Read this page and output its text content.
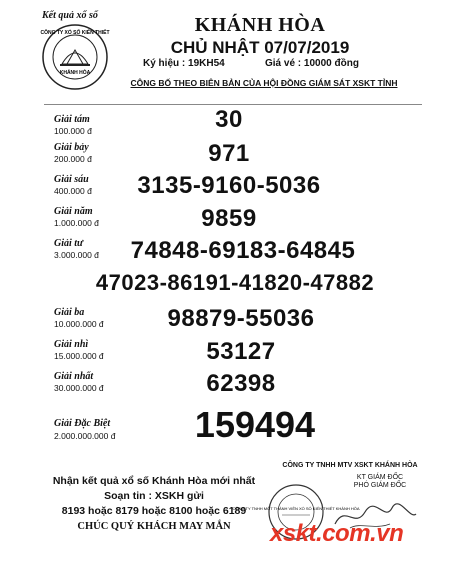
Kết quả xổ số
CÔNG TY XỔ SỐ KIẾN THIẾT
KHÁNH HÒA
KHÁNH HÒA
CHỦ NHẬT 07/07/2019
Ký hiệu : 19KH54	Giá vé : 10000 đồng
CÔNG BỐ THEO BIÊN BẢN CỦA HỘI ĐỒNG GIÁM SÁT XSKT TỈNH
Giải tám
100.000 đ	30
Giải bảy
200.000 đ	971
Giải sáu
400.000 đ	3135-9160-5036
Giải năm
1.000.000 đ	9859
Giải tư
3.000.000 đ	74848-69183-64845
47023-86191-41820-47882
Giải ba
10.000.000 đ	98879-55036
Giải nhì
15.000.000 đ	53127
Giải nhất
30.000.000 đ	62398
Giải Đặc Biệt
2.000.000.000 đ	159494
Nhận kết quả xổ số Khánh Hòa mới nhất
Soạn tin : XSKH gửi
8193 hoặc 8179 hoặc 8100 hoặc 6189
CHÚC QUÝ KHÁCH MAY MẮN
CÔNG TY TNHH MTV XSKT KHÁNH HÒA
KT GIÁM ĐỐC
PHÓ GIÁM ĐỐC
CÔNG TY TNHH MỘT THÀNH VIÊN XỔ SỐ KIẾN THIẾT KHÁNH HÒA
xskt.com.vn
